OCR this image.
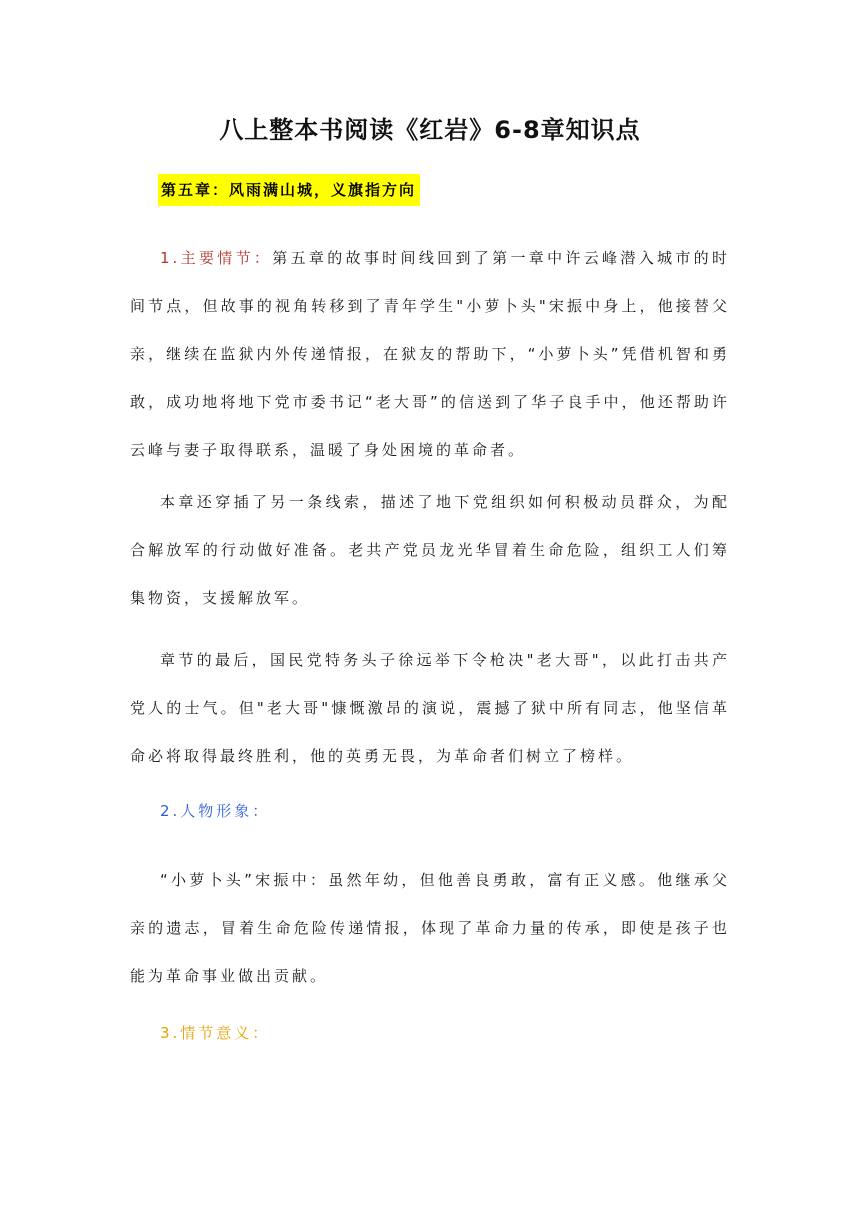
八上整本书阅读《红岩》6-8章知识点
第五章：风雨满山城，义旗指方向

1.主要情节：第五章的故事时间线回到了第一章中许云峰潜入城市的时间节点，但故事的视角转移到了青年学生"小萝卜头"宋振中身上，他接替父亲，继续在监狱内外传递情报，在狱友的帮助下，“小萝卜头”凭借机智和勇敢，成功地将地下党市委书记“老大哥”的信送到了华子良手中，他还帮助许云峰与妻子取得联系，温暖了身处困境的革命者。

本章还穿插了另一条线索，描述了地下党组织如何积极动员群众，为配合解放军的行动做好准备。老共产党员龙光华冒着生命危险，组织工人们筹集物资，支援解放军。

章节的最后，国民党特务头子徐远举下令枪决"老大哥"，以此打击共产党人的士气。但"老大哥"慷慨激昂的演说，震撼了狱中所有同志，他坚信革命必将取得最终胜利，他的英勇无畏，为革命者们树立了榜样。

2.人物形象：

“小萝卜头”宋振中：虽然年幼，但他善良勇敢，富有正义感。他继承父亲的遗志，冒着生命危险传递情报，体现了革命力量的传承，即使是孩子也能为革命事业做出贡献。

3.情节意义：
